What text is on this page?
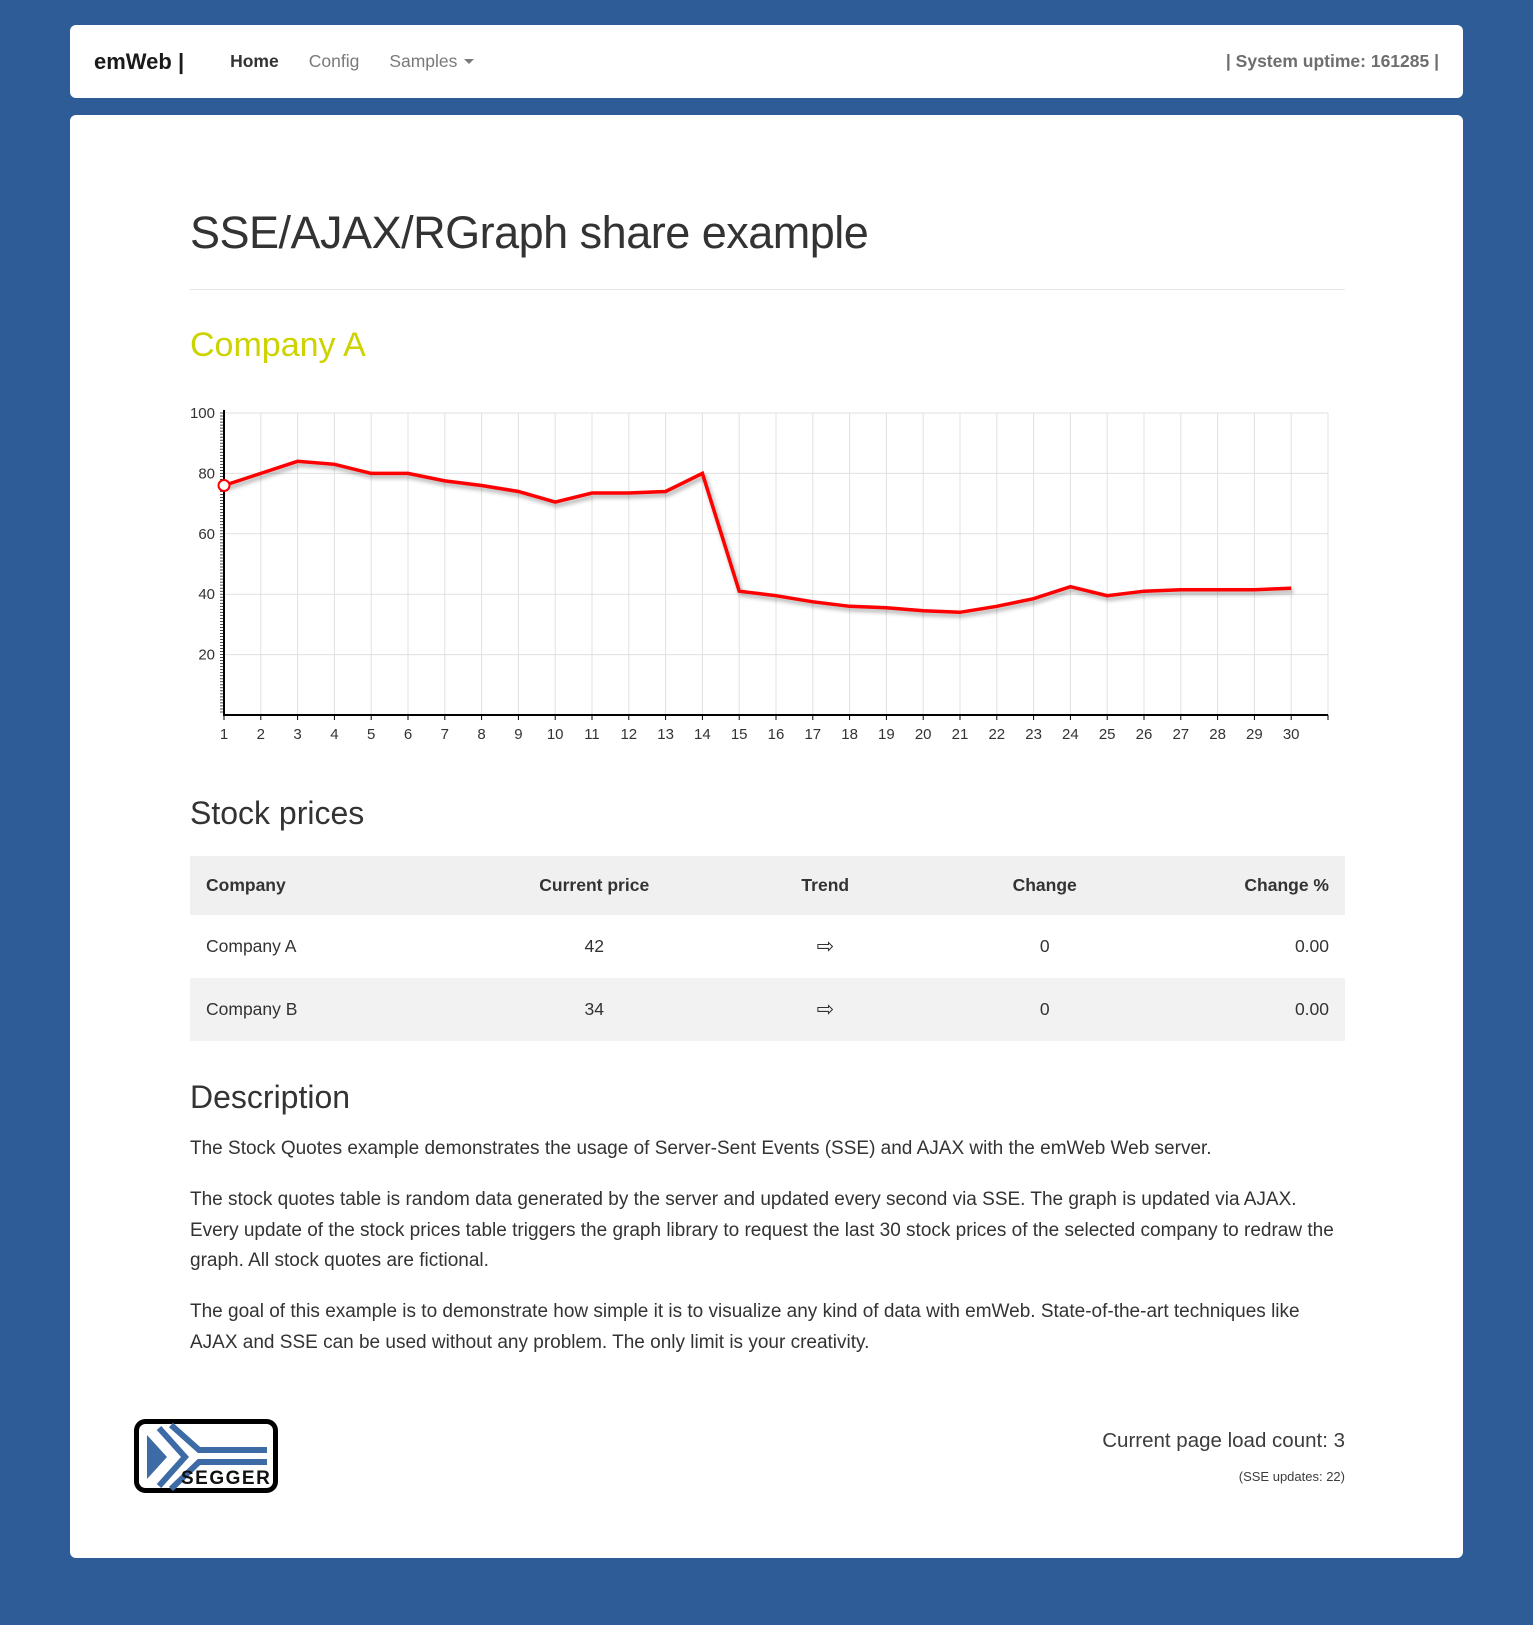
emWeb |	Home Config Samples	| System uptime: 161285 |
SSE/AJAX/RGraph share example
Company A
20
40
60
80
100
1 2 3 4 5 6 7 8 9 10 11 12 13 14 15 16 17 18 19 20 21 22 23 24 25 26 27 28 29 30
Stock prices
Company	Current price	Trend	Change	Change %
Company A	42	⇨	0	0.00
Company B	34	⇨	0	0.00
Description

The Stock Quotes example demonstrates the usage of Server-Sent Events (SSE) and AJAX with the emWeb Web server.

The stock quotes table is random data generated by the server and updated every second via SSE. The graph is updated via AJAX. Every update of the stock prices table triggers the graph library to request the last 30 stock prices of the selected company to redraw the graph. All stock quotes are fictional.

The goal of this example is to demonstrate how simple it is to visualize any kind of data with emWeb. State-of-the-art techniques like AJAX and SSE can be used without any problem. The only limit is your creativity.

SEGGER
Current page load count: 3
(SSE updates: 22)
